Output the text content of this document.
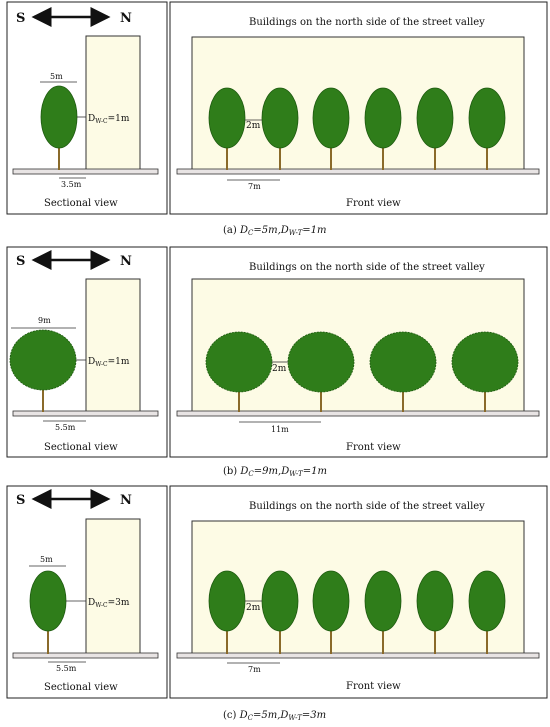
S	N
5m
$D_{W-C}=1m$
3.5m
Sectional view
Buildings on the north side of the street valley
2m
7m
Front view
(a) $D_C=5m,D_{W-T}=1m$
S	N
9m
$D_{W-C}=1m$
5.5m
Sectional view
Buildings on the north side of the street valley
2m
11m
Front view
(b) $D_C=9m,D_{W-T}=1m$
S	N
5m
$D_{W-C}=3m$
5.5m
Sectional view
Buildings on the north side of the street valley
2m
7m
Front view
(c) $D_C=5m,D_{W-T}=3m$
